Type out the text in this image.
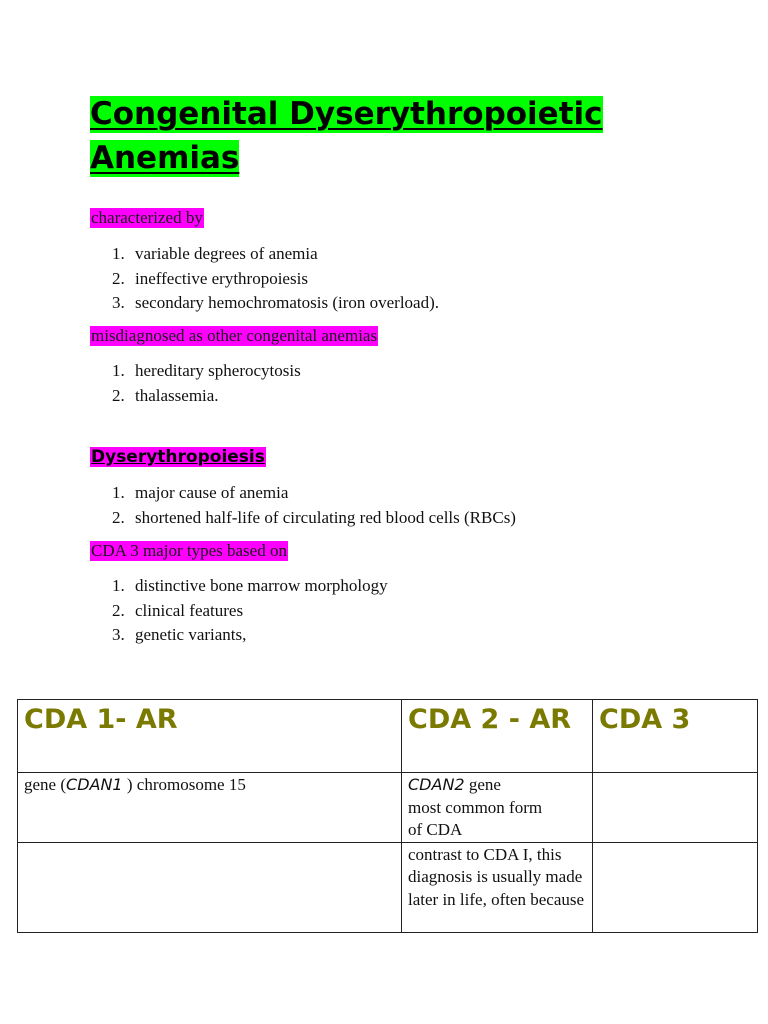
Congenital Dyserythropoietic
Anemias
characterized by
1. variable degrees of anemia
2. ineffective erythropoiesis
3. secondary hemochromatosis (iron overload).
misdiagnosed as other congenital anemias
1. hereditary spherocytosis
2. thalassemia.
Dyserythropoiesis
1. major cause of anemia
2. shortened half-life of circulating red blood cells (RBCs)
CDA 3 major types based on
1. distinctive bone marrow morphology
2. clinical features
3. genetic variants,
CDA 1- AR	CDA 2 - AR	CDA 3
gene (CDAN1 ) chromosome 15	CDAN2 gene
most common form
of CDA	
	contrast to CDA I, this diagnosis is usually made later in life, often because	
